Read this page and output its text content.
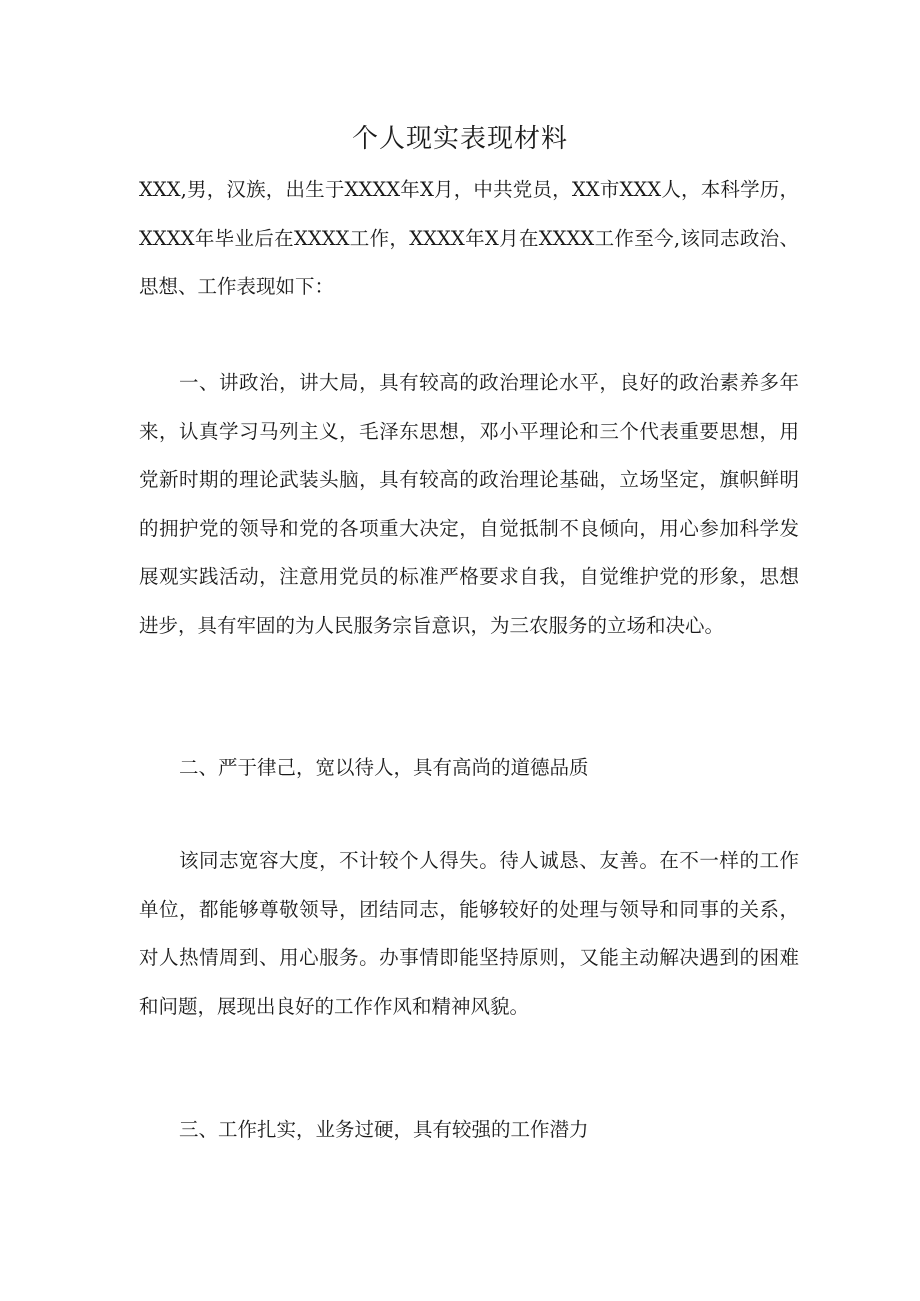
个人现实表现材料

XXX,男，汉族，出生于XXXX年X月，中共党员，XX市XXX人，本科学历，XXXX年毕业后在XXXX工作，XXXX年X月在XXXX工作至今,该同志政治、思想、工作表现如下：

一、讲政治，讲大局，具有较高的政治理论水平，良好的政治素养多年来，认真学习马列主义，毛泽东思想，邓小平理论和三个代表重要思想，用党新时期的理论武装头脑，具有较高的政治理论基础，立场坚定，旗帜鲜明的拥护党的领导和党的各项重大决定，自觉抵制不良倾向，用心参加科学发展观实践活动，注意用党员的标准严格要求自我，自觉维护党的形象，思想进步，具有牢固的为人民服务宗旨意识，为三农服务的立场和决心。

二、严于律己，宽以待人，具有高尚的道德品质

该同志宽容大度，不计较个人得失。待人诚恳、友善。在不一样的工作单位，都能够尊敬领导，团结同志，能够较好的处理与领导和同事的关系，对人热情周到、用心服务。办事情即能坚持原则，又能主动解决遇到的困难和问题，展现出良好的工作作风和精神风貌。

三、工作扎实，业务过硬，具有较强的工作潜力
